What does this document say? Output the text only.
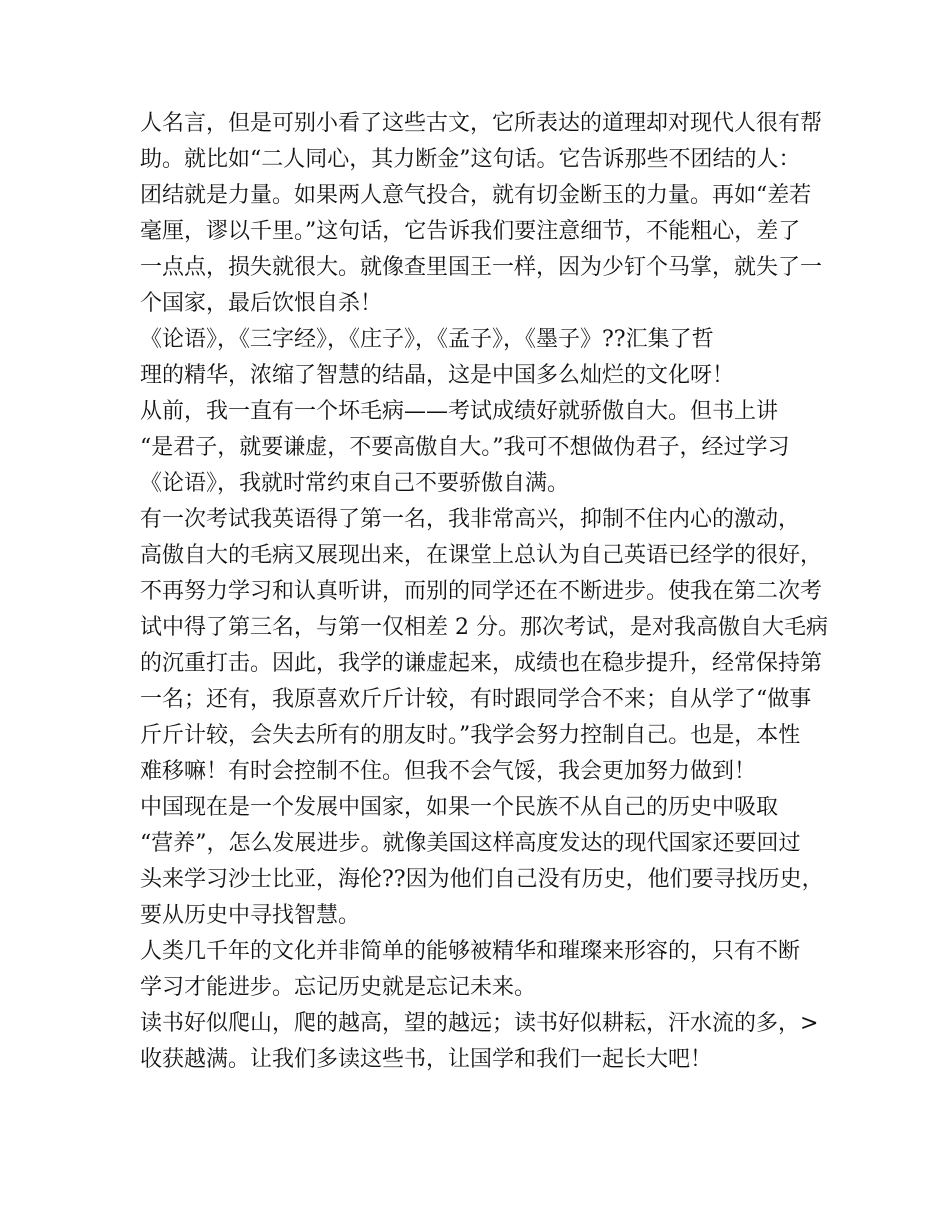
人名言，但是可别小看了这些古文，它所表达的道理却对现代人很有帮
助。就比如“二人同心，其力断金”这句话。它告诉那些不团结的人：
团结就是力量。如果两人意气投合，就有切金断玉的力量。再如“差若
毫厘，谬以千里。”这句话，它告诉我们要注意细节，不能粗心，差了
一点点，损失就很大。就像查里国王一样，因为少钉个马掌，就失了一
个国家，最后饮恨自杀！
《论语》，《三字经》，《庄子》，《孟子》，《墨子》??汇集了哲
理的精华，浓缩了智慧的结晶，这是中国多么灿烂的文化呀！
从前，我一直有一个坏毛病——考试成绩好就骄傲自大。但书上讲
“是君子，就要谦虚，不要高傲自大。”我可不想做伪君子，经过学习
《论语》，我就时常约束自己不要骄傲自满。
有一次考试我英语得了第一名，我非常高兴，抑制不住内心的激动，
高傲自大的毛病又展现出来，在课堂上总认为自己英语已经学的很好，
不再努力学习和认真听讲，而别的同学还在不断进步。使我在第二次考
试中得了第三名，与第一仅相差 2 分。那次考试，是对我高傲自大毛病
的沉重打击。因此，我学的谦虚起来，成绩也在稳步提升，经常保持第
一名；还有，我原喜欢斤斤计较，有时跟同学合不来；自从学了“做事
斤斤计较，会失去所有的朋友时。”我学会努力控制自己。也是，本性
难移嘛！有时会控制不住。但我不会气馁，我会更加努力做到！
中国现在是一个发展中国家，如果一个民族不从自己的历史中吸取
“营养”，怎么发展进步。就像美国这样高度发达的现代国家还要回过
头来学习沙士比亚，海伦??因为他们自己没有历史，他们要寻找历史，
要从历史中寻找智慧。
人类几千年的文化并非简单的能够被精华和璀璨来形容的，只有不断
学习才能进步。忘记历史就是忘记未来。
读书好似爬山，爬的越高，望的越远；读书好似耕耘，汗水流的多，>
收获越满。让我们多读这些书，让国学和我们一起长大吧！
